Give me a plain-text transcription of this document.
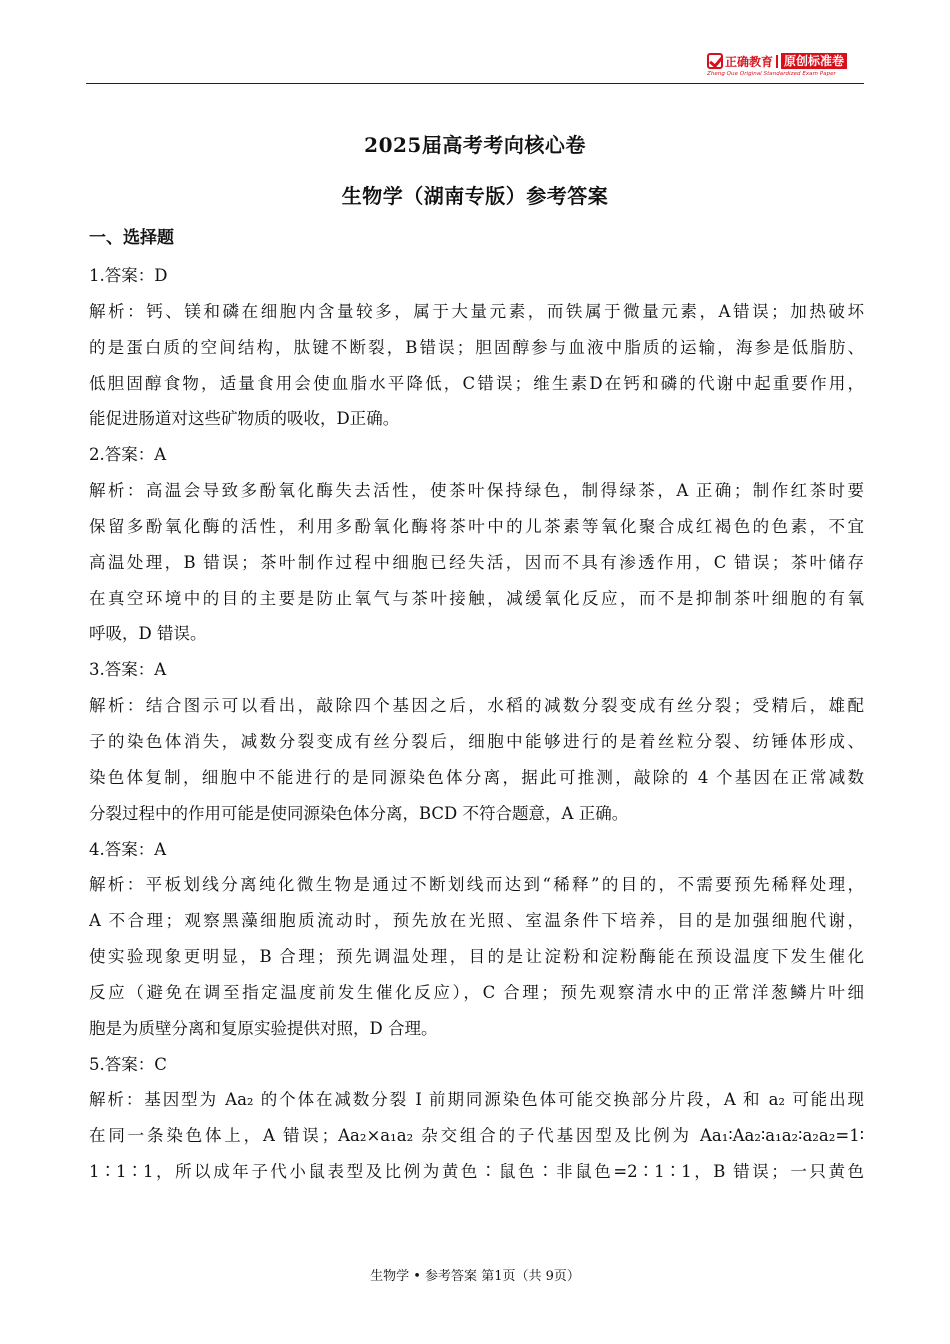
正确教育 原创标准卷
Zheng Que Original Standardized Exam Paper
2025届高考考向核心卷
生物学（湖南专版）参考答案
一、选择题
1.答案：D
解析：钙、镁和磷在细胞内含量较多，属于大量元素，而铁属于微量元素，A错误；加热破坏
的是蛋白质的空间结构，肽键不断裂，B错误；胆固醇参与血液中脂质的运输，海参是低脂肪、
低胆固醇食物，适量食用会使血脂水平降低，C错误；维生素D在钙和磷的代谢中起重要作用，
能促进肠道对这些矿物质的吸收，D正确。
2.答案：A
解析：高温会导致多酚氧化酶失去活性，使茶叶保持绿色，制得绿茶，A 正确；制作红茶时要
保留多酚氧化酶的活性，利用多酚氧化酶将茶叶中的儿茶素等氧化聚合成红褐色的色素，不宜
高温处理，B 错误；茶叶制作过程中细胞已经失活，因而不具有渗透作用，C 错误；茶叶储存
在真空环境中的目的主要是防止氧气与茶叶接触，减缓氧化反应，而不是抑制茶叶细胞的有氧
呼吸，D 错误。
3.答案：A
解析：结合图示可以看出，敲除四个基因之后，水稻的减数分裂变成有丝分裂；受精后，雄配
子的染色体消失，减数分裂变成有丝分裂后，细胞中能够进行的是着丝粒分裂、纺锤体形成、
染色体复制，细胞中不能进行的是同源染色体分离，据此可推测，敲除的 4 个基因在正常减数
分裂过程中的作用可能是使同源染色体分离，BCD 不符合题意，A 正确。
4.答案：A
解析：平板划线分离纯化微生物是通过不断划线而达到“稀释”的目的，不需要预先稀释处理，
A 不合理；观察黑藻细胞质流动时，预先放在光照、室温条件下培养，目的是加强细胞代谢，
使实验现象更明显，B 合理；预先调温处理，目的是让淀粉和淀粉酶能在预设温度下发生催化
反应（避免在调至指定温度前发生催化反应），C 合理；预先观察清水中的正常洋葱鳞片叶细
胞是为质壁分离和复原实验提供对照，D 合理。
5.答案：C
解析：基因型为 Aa₂ 的个体在减数分裂 I 前期同源染色体可能交换部分片段，A 和 a₂ 可能出现
在同一条染色体上，A 错误；Aa₂×a₁a₂ 杂交组合的子代基因型及比例为 Aa₁∶Aa₂∶a₁a₂∶a₂a₂=1∶
1∶1∶1，所以成年子代小鼠表型及比例为黄色∶鼠色∶非鼠色=2∶1∶1，B 错误；一只黄色
生物学 • 参考答案 第1页（共 9页）
